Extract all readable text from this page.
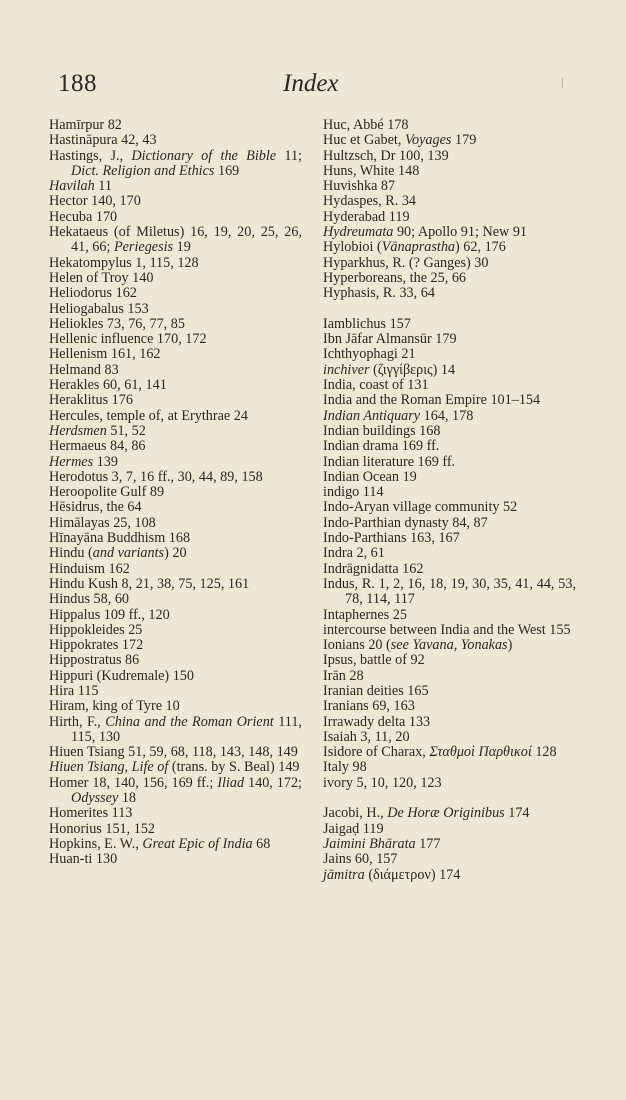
188	Index
Hamīrpur 82
Hastināpura 42, 43
Hastings, J., Dictionary of the Bible 11; Dict. Religion and Ethics 169
Havilah 11
Hector 140, 170
Hecuba 170
Hekataeus (of Miletus) 16, 19, 20, 25, 26, 41, 66; Periegesis 19
Hekatompylus 1, 115, 128
Helen of Troy 140
Heliodorus 162
Heliogabalus 153
Heliokles 73, 76, 77, 85
Hellenic influence 170, 172
Hellenism 161, 162
Helmand 83
Herakles 60, 61, 141
Heraklitus 176
Hercules, temple of, at Erythrae 24
Herdsmen 51, 52
Hermaeus 84, 86
Hermes 139
Herodotus 3, 7, 16 ff., 30, 44, 89, 158
Heroopolite Gulf 89
Hēsidrus, the 64
Himālayas 25, 108
Hīnayāna Buddhism 168
Hindu (and variants) 20
Hinduism 162
Hindu Kush 8, 21, 38, 75, 125, 161
Hindus 58, 60
Hippalus 109 ff., 120
Hippokleides 25
Hippokrates 172
Hippostratus 86
Hippuri (Kudremale) 150
Hira 115
Hiram, king of Tyre 10
Hirth, F., China and the Roman Orient 111, 115, 130
Hiuen Tsiang 51, 59, 68, 118, 143, 148, 149
Hiuen Tsiang, Life of (trans. by S. Beal) 149
Homer 18, 140, 156, 169 ff.; Iliad 140, 172; Odyssey 18
Homerites 113
Honorius 151, 152
Hopkins, E. W., Great Epic of India 68
Huan-ti 130
Huc, Abbé 178
Huc et Gabet, Voyages 179
Hultzsch, Dr 100, 139
Huns, White 148
Huvishka 87
Hydaspes, R. 34
Hyderabad 119
Hydreumata 90; Apollo 91; New 91
Hylobioi (Vānaprastha) 62, 176
Hyparkhus, R. (? Ganges) 30
Hyperboreans, the 25, 66
Hyphasis, R. 33, 64
Iamblichus 157
Ibn Jāfar Almansūr 179
Ichthyophagi 21
inchiver (ζιγγίβερις) 14
India, coast of 131
India and the Roman Empire 101–154
Indian Antiquary 164, 178
Indian buildings 168
Indian drama 169 ff.
Indian literature 169 ff.
Indian Ocean 19
indigo 114
Indo-Aryan village community 52
Indo-Parthian dynasty 84, 87
Indo-Parthians 163, 167
Indra 2, 61
Indrāgnidatta 162
Indus, R. 1, 2, 16, 18, 19, 30, 35, 41, 44, 53, 78, 114, 117
Intaphernes 25
intercourse between India and the West 155
Ionians 20 (see Yavana, Yonakas)
Ipsus, battle of 92
Irān 28
Iranian deities 165
Iranians 69, 163
Irrawady delta 133
Isaiah 3, 11, 20
Isidore of Charax, Σταθμοὶ Παρθικοί 128
Italy 98
ivory 5, 10, 120, 123
Jacobi, H., De Horæ Originibus 174
Jaigaḍ 119
Jaimini Bhārata 177
Jains 60, 157
jāmitra (διάμετρον) 174
